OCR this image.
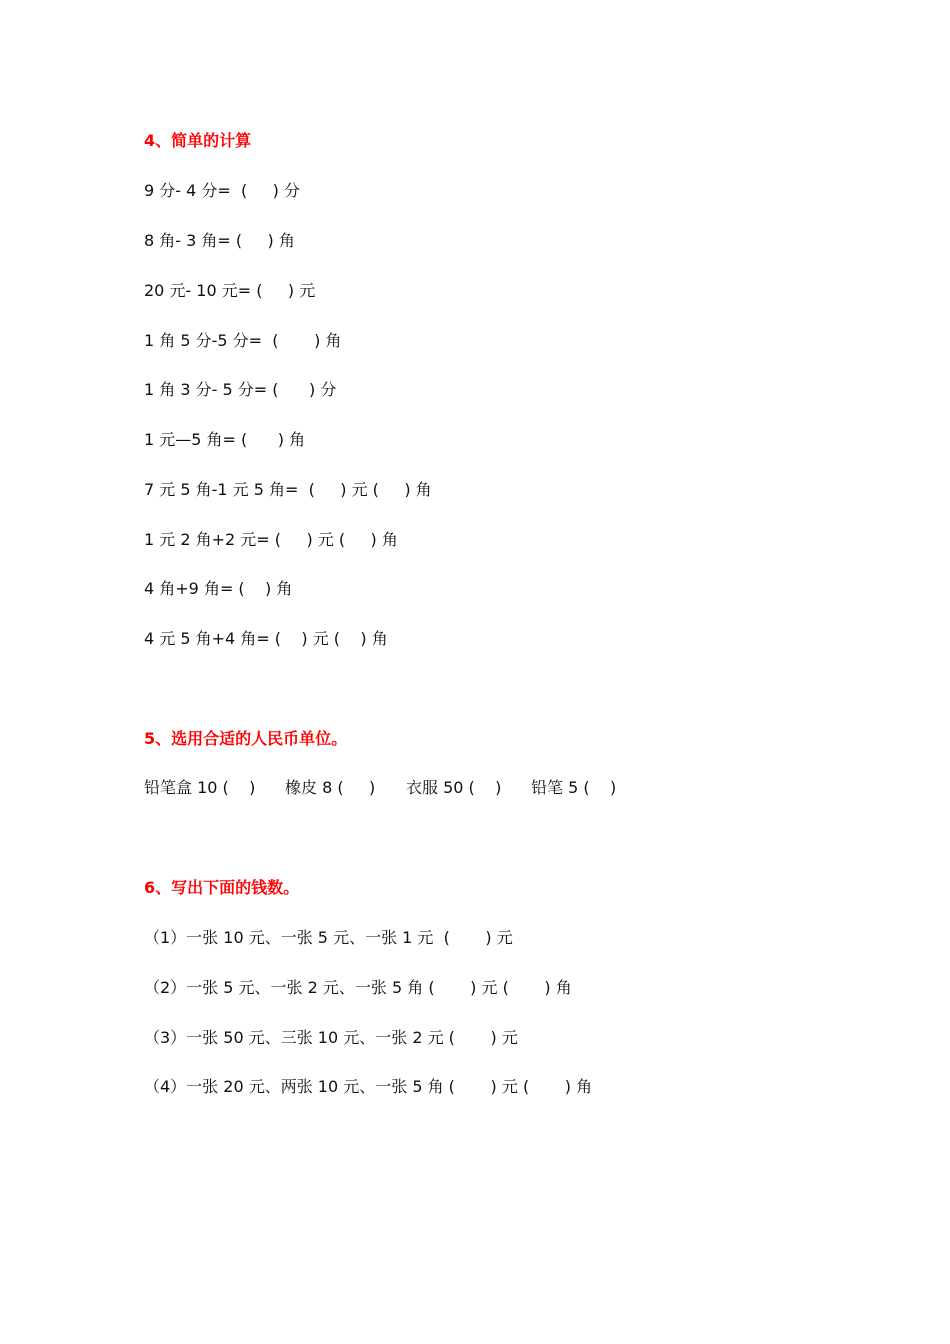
4、简单的计算
9 分- 4 分=  (     ) 分
8 角- 3 角= (     ) 角
20 元- 10 元= (     ) 元
1 角 5 分-5 分=  (       ) 角
1 角 3 分- 5 分= (      ) 分
1 元—5 角= (      ) 角
7 元 5 角-1 元 5 角=  (     ) 元 (     ) 角
1 元 2 角+2 元= (     ) 元 (     ) 角
4 角+9 角= (    ) 角
4 元 5 角+4 角= (    ) 元 (    ) 角
5、选用合适的人民币单位。
铅笔盒 10 (    ) 橡皮 8 (     ) 衣服 50 (    ) 铅笔 5 (    )
6、写出下面的钱数。
（1）一张 10 元、一张 5 元、一张 1 元  (       ) 元
（2）一张 5 元、一张 2 元、一张 5 角 (       ) 元 (       ) 角
（3）一张 50 元、三张 10 元、一张 2 元 (       ) 元
（4）一张 20 元、两张 10 元、一张 5 角 (       ) 元 (       ) 角
